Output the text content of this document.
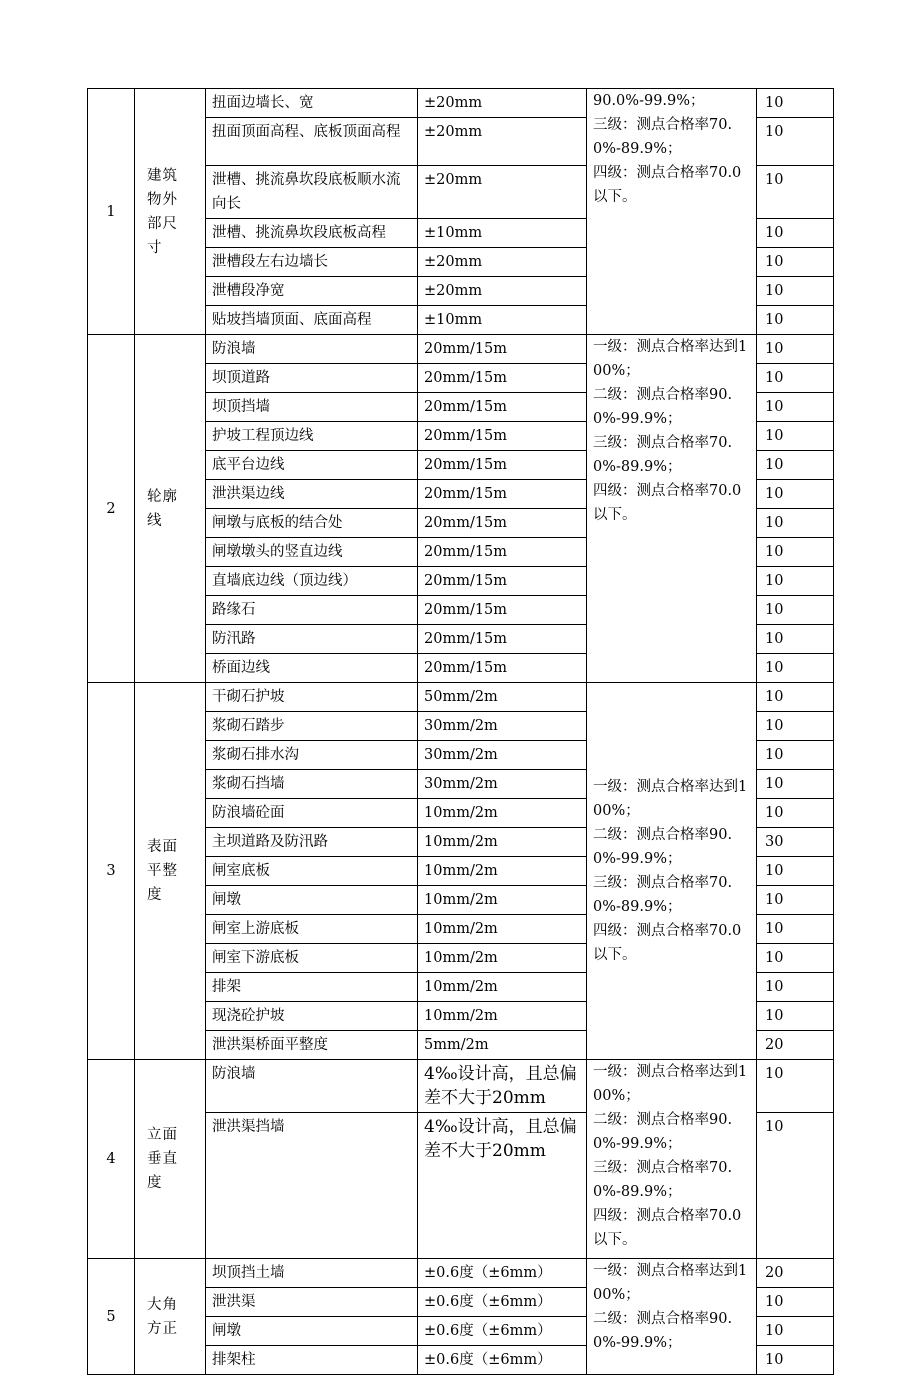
1	建筑物外部尺寸	扭面边墙长、宽	±20mm	90.0%-99.9%；
三级：测点合格率70.0%-89.9%；
四级：测点合格率70.0以下。	10
		扭面顶面高程、底板顶面高程	±20mm		10
		泄槽、挑流鼻坎段底板顺水流向长	±20mm		10
		泄槽、挑流鼻坎段底板高程	±10mm		10
		泄槽段左右边墙长	±20mm		10
		泄槽段净宽	±20mm		10
		贴坡挡墙顶面、底面高程	±10mm		10
2	轮廓线	防浪墙	20mm/15m	一级：测点合格率达到100%；
二级：测点合格率90.0%-99.9%；
三级：测点合格率70.0%-89.9%；
四级：测点合格率70.0以下。	10
		坝顶道路	20mm/15m		10
		坝顶挡墙	20mm/15m		10
		护坡工程顶边线	20mm/15m		10
		底平台边线	20mm/15m		10
		泄洪渠边线	20mm/15m		10
		闸墩与底板的结合处	20mm/15m		10
		闸墩墩头的竖直边线	20mm/15m		10
		直墙底边线（顶边线）	20mm/15m		10
		路缘石	20mm/15m		10
		防汛路	20mm/15m		10
		桥面边线	20mm/15m		10
3	表面平整度	干砌石护坡	50mm/2m	一级：测点合格率达到100%；
二级：测点合格率90.0%-99.9%；
三级：测点合格率70.0%-89.9%；
四级：测点合格率70.0以下。	10
		浆砌石踏步	30mm/2m		10
		浆砌石排水沟	30mm/2m		10
		浆砌石挡墙	30mm/2m		10
		防浪墙砼面	10mm/2m		10
		主坝道路及防汛路	10mm/2m		30
		闸室底板	10mm/2m		10
		闸墩	10mm/2m		10
		闸室上游底板	10mm/2m		10
		闸室下游底板	10mm/2m		10
		排架	10mm/2m		10
		现浇砼护坡	10mm/2m		10
		泄洪渠桥面平整度	5mm/2m		20
4	立面垂直度	防浪墙	4‰设计高，且总偏差不大于20mm	一级：测点合格率达到100%；
二级：测点合格率90.0%-99.9%；
三级：测点合格率70.0%-89.9%；
四级：测点合格率70.0以下。	10
		泄洪渠挡墙	4‰设计高，且总偏差不大于20mm		10
5	大角方正	坝顶挡土墙	±0.6度（±6mm）	一级：测点合格率达到100%；
二级：测点合格率90.0%-99.9%；	20
		泄洪渠	±0.6度（±6mm）		10
		闸墩	±0.6度（±6mm）		10
		排架柱	±0.6度（±6mm）		10
